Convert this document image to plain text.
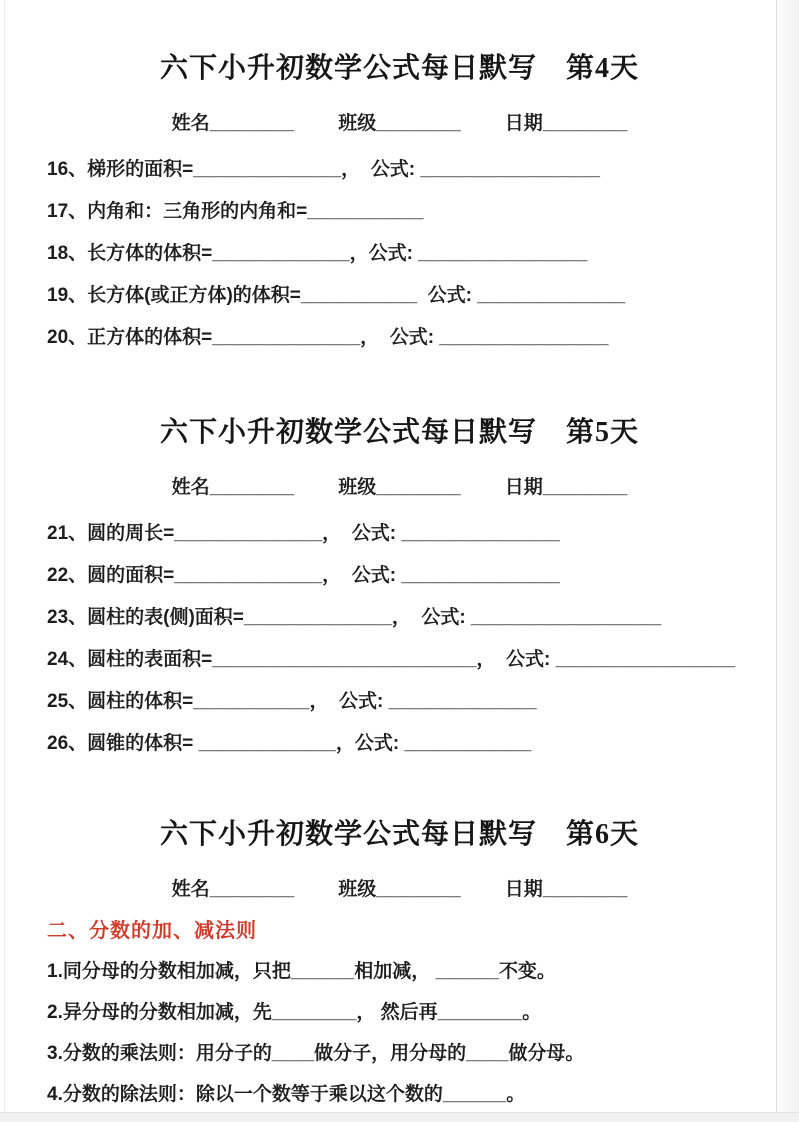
六下小升初数学公式每日默写　第4天
姓名________ 班级________ 日期________
16、梯形的面积=______________，  公式: _________________
17、内角和：三角形的内角和=___________
18、长方体的体积=_____________，公式: ________________
19、长方体(或正方体)的体积=___________  公式: ______________
20、正方体的体积=______________，  公式: ________________
六下小升初数学公式每日默写　第5天
姓名________ 班级________ 日期________
21、圆的周长=______________，  公式: _______________
22、圆的面积=______________，  公式: _______________
23、圆柱的表(侧)面积=______________，  公式: __________________
24、圆柱的表面积=_________________________，  公式: _________________
25、圆柱的体积=___________，  公式: ______________
26、圆锥的体积= _____________，公式: ____________
六下小升初数学公式每日默写　第6天
姓名________ 班级________ 日期________
二、分数的加、减法则
1.同分母的分数相加减，只把______相加减， ______不变。
2.异分母的分数相加减，先________， 然后再________。
3.分数的乘法则：用分子的____做分子，用分母的____做分母。
4.分数的除法则：除以一个数等于乘以这个数的______。
